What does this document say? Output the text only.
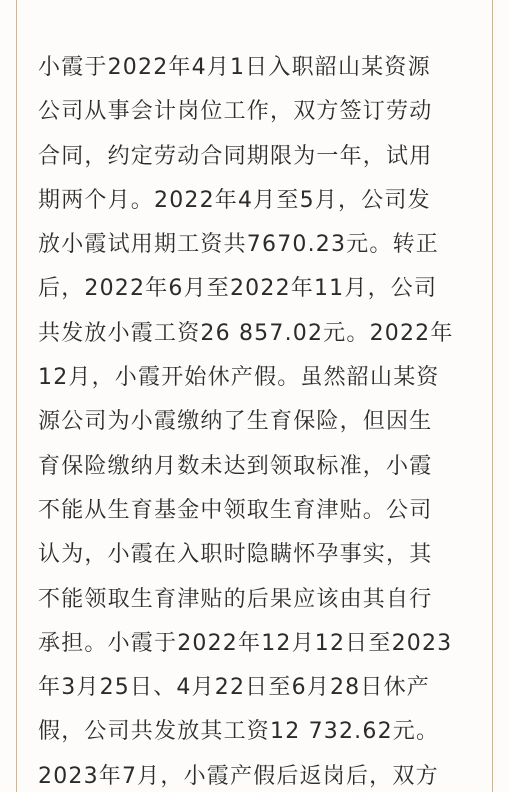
小霞于2022年4月1日入职韶山某资源
公司从事会计岗位工作，双方签订劳动
合同，约定劳动合同期限为一年，试用
期两个月。2022年4月至5月，公司发
放小霞试用期工资共7670.23元。转正
后，2022年6月至2022年11月，公司
共发放小霞工资26 857.02元。2022年
12月，小霞开始休产假。虽然韶山某资
源公司为小霞缴纳了生育保险，但因生
育保险缴纳月数未达到领取标准，小霞
不能从生育基金中领取生育津贴。公司
认为，小霞在入职时隐瞒怀孕事实，其
不能领取生育津贴的后果应该由其自行
承担。小霞于2022年12月12日至2023
年3月25日、4月22日至6月28日休产
假，公司共发放其工资12 732.62元。
2023年7月，小霞产假后返岗后，双方
